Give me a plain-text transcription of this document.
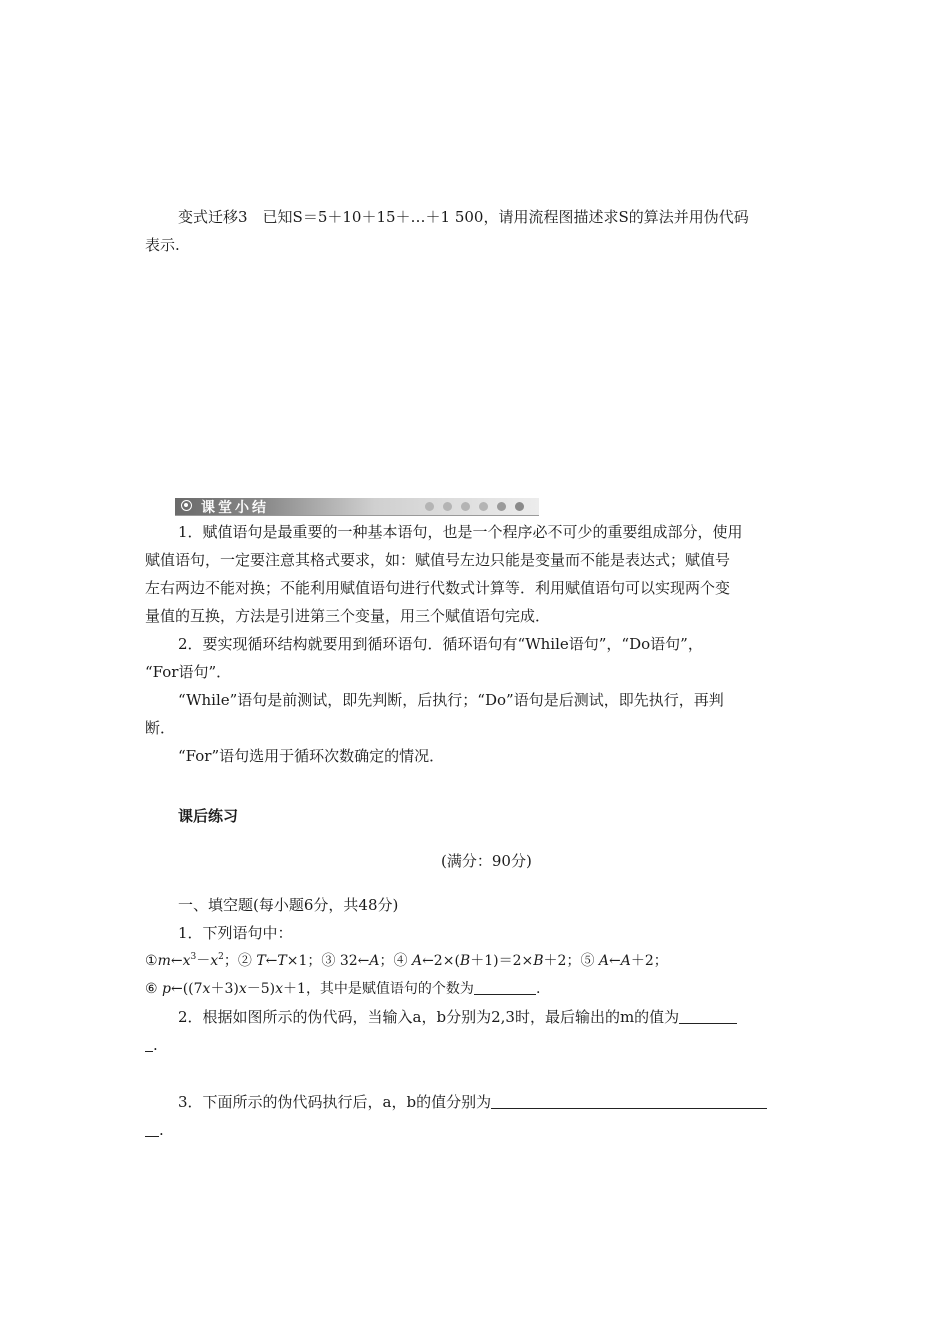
变式迁移3　已知S＝5＋10＋15＋…＋1 500，请用流程图描述求S的算法并用伪代码
表示.
课堂小结
1．赋值语句是最重要的一种基本语句，也是一个程序必不可少的重要组成部分，使用
赋值语句，一定要注意其格式要求，如：赋值号左边只能是变量而不能是表达式；赋值号
左右两边不能对换；不能利用赋值语句进行代数式计算等．利用赋值语句可以实现两个变
量值的互换，方法是引进第三个变量，用三个赋值语句完成．
2．要实现循环结构就要用到循环语句．循环语句有“While语句”，“Do语句”，
“For语句”．
“While”语句是前测试，即先判断，后执行；“Do”语句是后测试，即先执行，再判
断．
“For”语句选用于循环次数确定的情况．
课后练习
(满分：90分)
一、填空题(每小题6分，共48分)
1．下列语句中：
$①m\leftarrow x^3-x^2$；② T←T×1；③ 32←A；④ A←2×(B＋1)＝2×B＋2；⑤ A←A＋2；
⑥ p←((7x＋3)x－5)x＋1，其中是赋值语句的个数为	.
2．根据如图所示的伪代码，当输入a，b分别为2,3时，最后输出的m的值为
.
3．下面所示的伪代码执行后，a，b的值分别为
.
